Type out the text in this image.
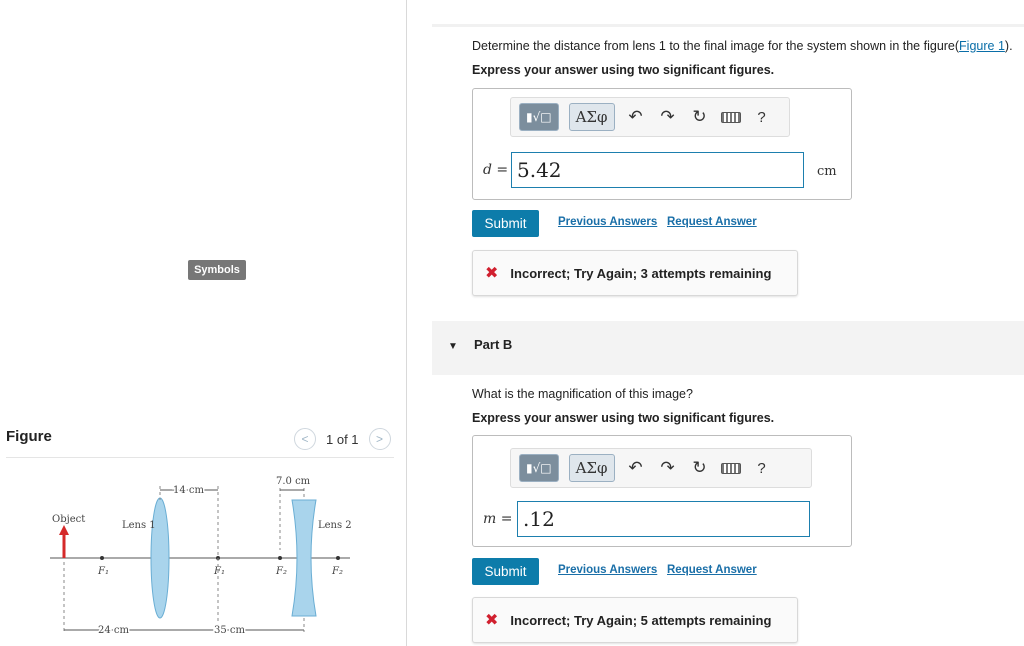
Symbols
Figure	<	1 of 1	>
Object
Lens 1	Lens 2
F₁	F₁	F₂	F₂
14 cm
7.0 cm
24 cm	35 cm
Determine the distance from lens 1 to the final image for the system shown in the figure(Figure 1).
Express your answer using two significant figures.
▮√□	ΑΣφ	↶ ↷ ↻	?
d = 5.42	cm
Submit	Previous Answers Request Answer
✖ Incorrect; Try Again; 3 attempts remaining
▼ Part B
What is the magnification of this image?
Express your answer using two significant figures.
▮√□	ΑΣφ	↶ ↷ ↻	?
m = .12
Submit	Previous Answers Request Answer
✖ Incorrect; Try Again; 5 attempts remaining
